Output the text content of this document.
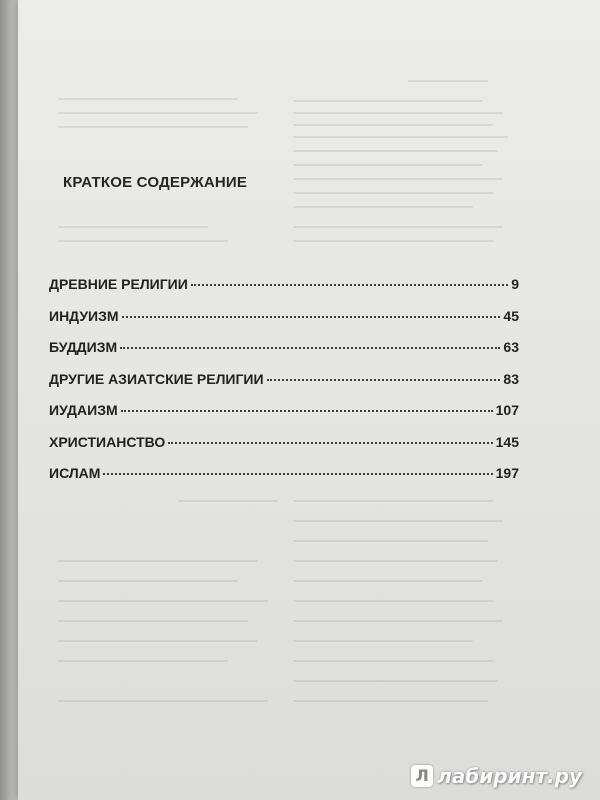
КРАТКОЕ СОДЕРЖАНИЕ
ДРЕВНИЕ РЕЛИГИИ	9
ИНДУИЗМ	45
БУДДИЗМ	63
ДРУГИЕ АЗИАТСКИЕ РЕЛИГИИ	83
ИУДАИЗМ	107
ХРИСТИАНСТВО	145
ИСЛАМ	197
Л лабиринт.ру
